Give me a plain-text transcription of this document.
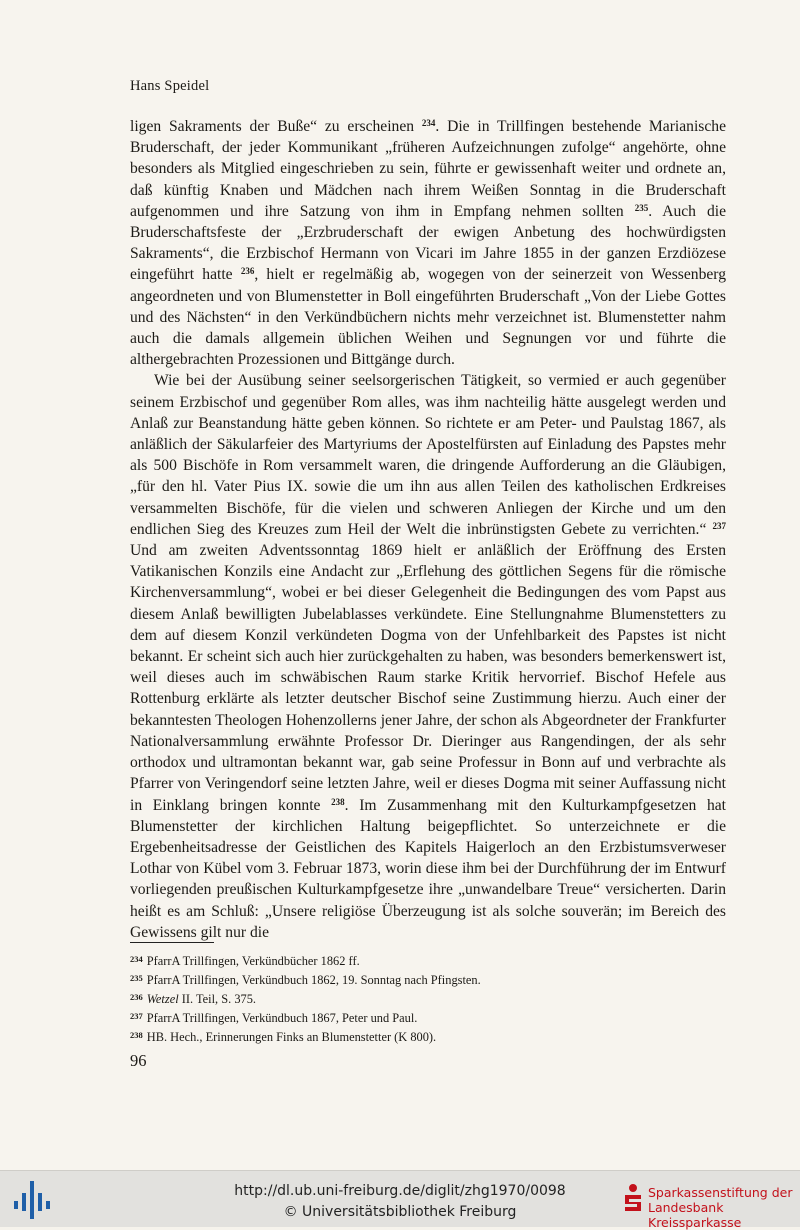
Hans Speidel

ligen Sakraments der Buße“ zu erscheinen $^{234}$. Die in Trillfingen bestehende Marianische Bruderschaft, der jeder Kommunikant „früheren Aufzeichnungen zufolge“ angehörte, ohne besonders als Mitglied eingeschrieben zu sein, führte er gewissenhaft weiter und ordnete an, daß künftig Knaben und Mädchen nach ihrem Weißen Sonntag in die Bruderschaft aufgenommen und ihre Satzung von ihm in Empfang nehmen sollten $^{235}$. Auch die Bruderschaftsfeste der „Erzbruderschaft der ewigen Anbetung des hochwürdigsten Sakraments“, die Erzbischof Hermann von Vicari im Jahre 1855 in der ganzen Erzdiözese eingeführt hatte $^{236}$, hielt er regelmäßig ab, wogegen von der seinerzeit von Wessenberg angeordneten und von Blumenstetter in Boll eingeführten Bruderschaft „Von der Liebe Gottes und des Nächsten“ in den Verkündbüchern nichts mehr verzeichnet ist. Blumenstetter nahm auch die damals allgemein üblichen Weihen und Segnungen vor und führte die althergebrachten Prozessionen und Bittgänge durch.

Wie bei der Ausübung seiner seelsorgerischen Tätigkeit, so vermied er auch gegenüber seinem Erzbischof und gegenüber Rom alles, was ihm nachteilig hätte ausgelegt werden und Anlaß zur Beanstandung hätte geben können. So richtete er am Peter- und Paulstag 1867, als anläßlich der Säkularfeier des Martyriums der Apostelfürsten auf Einladung des Papstes mehr als 500 Bischöfe in Rom versammelt waren, die dringende Aufforderung an die Gläubigen, „für den hl. Vater Pius IX. sowie die um ihn aus allen Teilen des katholischen Erdkreises versammelten Bischöfe, für die vielen und schweren Anliegen der Kirche und um den endlichen Sieg des Kreuzes zum Heil der Welt die inbrünstigsten Gebete zu verrichten.“ $^{237}$ Und am zweiten Adventssonntag 1869 hielt er anläßlich der Eröffnung des Ersten Vatikanischen Konzils eine Andacht zur „Erflehung des göttlichen Segens für die römische Kirchenversammlung“, wobei er bei dieser Gelegenheit die Bedingungen des vom Papst aus diesem Anlaß bewilligten Jubelablasses verkündete. Eine Stellungnahme Blumenstetters zu dem auf diesem Konzil verkündeten Dogma von der Unfehlbarkeit des Papstes ist nicht bekannt. Er scheint sich auch hier zurückgehalten zu haben, was besonders bemerkenswert ist, weil dieses auch im schwäbischen Raum starke Kritik hervorrief. Bischof Hefele aus Rottenburg erklärte als letzter deutscher Bischof seine Zustimmung hierzu. Auch einer der bekanntesten Theologen Hohenzollerns jener Jahre, der schon als Abgeordneter der Frankfurter Nationalversammlung erwähnte Professor Dr. Dieringer aus Rangendingen, der als sehr orthodox und ultramontan bekannt war, gab seine Professur in Bonn auf und verbrachte als Pfarrer von Veringendorf seine letzten Jahre, weil er dieses Dogma mit seiner Auffassung nicht in Einklang bringen konnte $^{238}$. Im Zusammenhang mit den Kulturkampfgesetzen hat Blumenstetter der kirchlichen Haltung beigepflichtet. So unterzeichnete er die Ergebenheitsadresse der Geistlichen des Kapitels Haigerloch an den Erzbistumsverweser Lothar von Kübel vom 3. Februar 1873, worin diese ihm bei der Durchführung der im Entwurf vorliegenden preußischen Kulturkampfgesetze ihre „unwandelbare Treue“ versicherten. Darin heißt es am Schluß: „Unsere religiöse Überzeugung ist als solche souverän; im Bereich des Gewissens gilt nur die

$^{234}$ PfarrA Trillfingen, Verkündbücher 1862 ff.
$^{235}$ PfarrA Trillfingen, Verkündbuch 1862, 19. Sonntag nach Pfingsten.
$^{236}$ Wetzel II. Teil, S. 375.
$^{237}$ PfarrA Trillfingen, Verkündbuch 1867, Peter und Paul.
$^{238}$ HB. Hech., Erinnerungen Finks an Blumenstetter (K 800).
96
http://dl.ub.uni-freiburg.de/diglit/zhg1970/0098
© Universitätsbibliothek Freiburg
Sparkassenstiftung der
Landesbank Kreissparkasse
